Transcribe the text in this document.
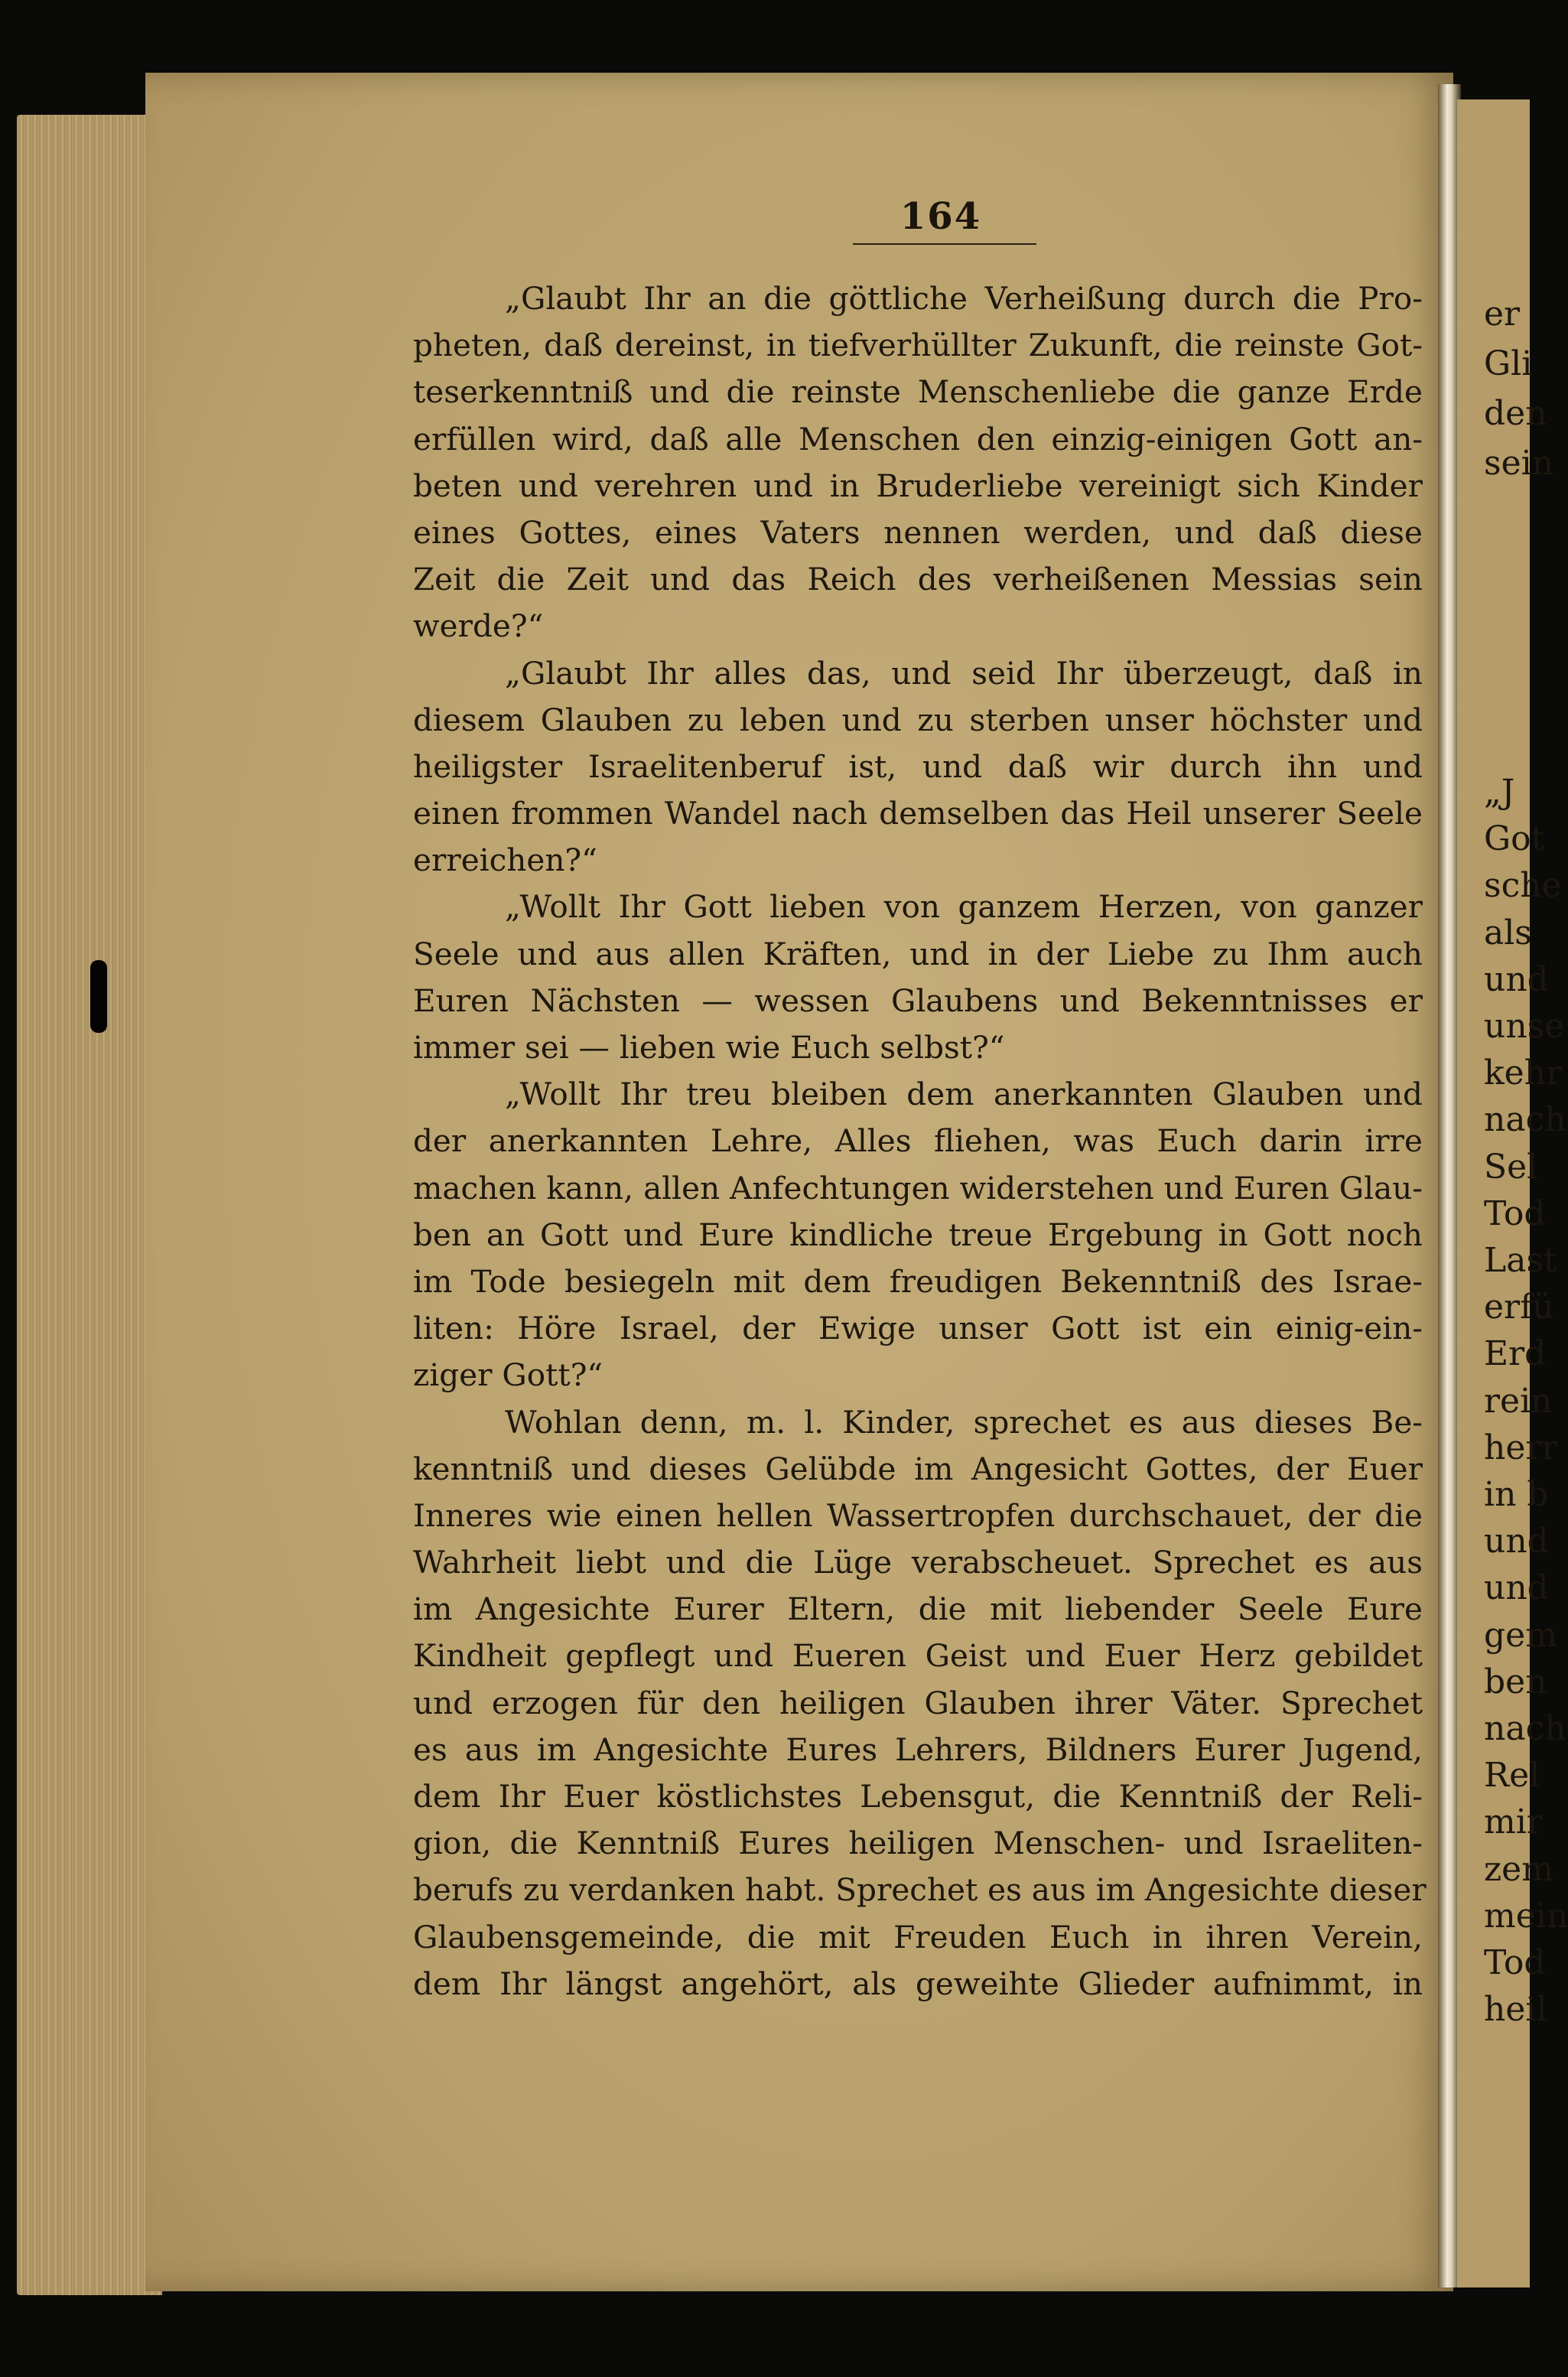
164
„Glaubt Ihr an die göttliche Verheißung durch die Pro-
pheten, daß dereinst, in tiefverhüllter Zukunft, die reinste Got-
teserkenntniß und die reinste Menschenliebe die ganze Erde
erfüllen wird, daß alle Menschen den einzig-einigen Gott an-
beten und verehren und in Bruderliebe vereinigt sich Kinder
eines Gottes, eines Vaters nennen werden, und daß diese
Zeit die Zeit und das Reich des verheißenen Messias sein
werde?“
„Glaubt Ihr alles das, und seid Ihr überzeugt, daß in
diesem Glauben zu leben und zu sterben unser höchster und
heiligster Israelitenberuf ist, und daß wir durch ihn und
einen frommen Wandel nach demselben das Heil unserer Seele
erreichen?“
„Wollt Ihr Gott lieben von ganzem Herzen, von ganzer
Seele und aus allen Kräften, und in der Liebe zu Ihm auch
Euren Nächsten — wessen Glaubens und Bekenntnisses er
immer sei — lieben wie Euch selbst?“
„Wollt Ihr treu bleiben dem anerkannten Glauben und
der anerkannten Lehre, Alles fliehen, was Euch darin irre
machen kann, allen Anfechtungen widerstehen und Euren Glau-
ben an Gott und Eure kindliche treue Ergebung in Gott noch
im Tode besiegeln mit dem freudigen Bekenntniß des Israe-
liten: Höre Israel, der Ewige unser Gott ist ein einig-ein-
ziger Gott?“
Wohlan denn, m. l. Kinder, sprechet es aus dieses Be-
kenntniß und dieses Gelübde im Angesicht Gottes, der Euer
Inneres wie einen hellen Wassertropfen durchschauet, der die
Wahrheit liebt und die Lüge verabscheuet. Sprechet es aus
im Angesichte Eurer Eltern, die mit liebender Seele Eure
Kindheit gepflegt und Eueren Geist und Euer Herz gebildet
und erzogen für den heiligen Glauben ihrer Väter. Sprechet
es aus im Angesichte Eures Lehrers, Bildners Eurer Jugend,
dem Ihr Euer köstlichstes Lebensgut, die Kenntniß der Reli-
gion, die Kenntniß Eures heiligen Menschen- und Israeliten-
berufs zu verdanken habt. Sprechet es aus im Angesichte dieser
Glaubensgemeinde, die mit Freuden Euch in ihren Verein,
dem Ihr längst angehört, als geweihte Glieder aufnimmt, in
er
Gli
den
sein
„J
Got
sche
als
und
unse
kehr
nach
Sel
Tod
Last
erfü
Erd
rein
herr
in b
und
und
gem
ben
nach
Rel
mir
zem
mein
Tod
heil
